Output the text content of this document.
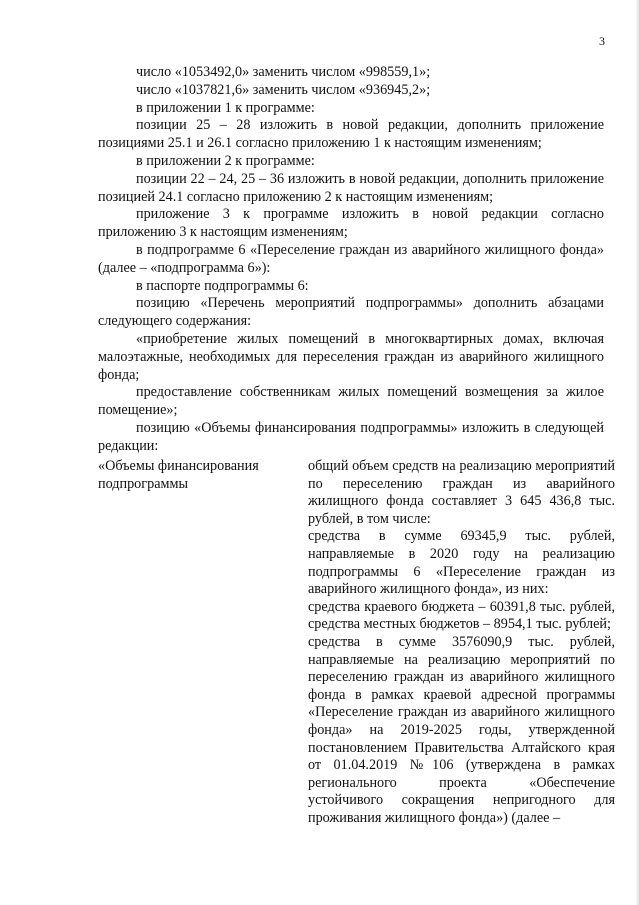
3

число «1053492,0» заменить числом «998559,1»;

число «1037821,6» заменить числом «936945,2»;

в приложении 1 к программе:

позиции 25 – 28 изложить в новой редакции, дополнить приложение позициями 25.1 и 26.1 согласно приложению 1 к настоящим изменениям;

в приложении 2 к программе:

позиции 22 – 24, 25 – 36 изложить в новой редакции, дополнить приложение позицией 24.1 согласно приложению 2 к настоящим изменениям;

приложение 3 к программе изложить в новой редакции согласно приложению 3 к настоящим изменениям;

в подпрограмме 6 «Переселение граждан из аварийного жилищного фонда» (далее – «подпрограмма 6»):

в паспорте подпрограммы 6:

позицию «Перечень мероприятий подпрограммы» дополнить абзацами следующего содержания:

«приобретение жилых помещений в многоквартирных домах, включая малоэтажные, необходимых для переселения граждан из аварийного жилищного фонда;

предоставление собственникам жилых помещений возмещения за жилое помещение»;

позицию «Объемы финансирования подпрограммы» изложить в следующей редакции:

«Объемы финансирования подпрограммы

общий объем средств на реализацию мероприятий по переселению граждан из аварийного жилищного фонда составляет 3 645 436,8 тыс. рублей, в том числе:

средства в сумме 69345,9 тыс. рублей, направляемые в 2020 году на реализацию подпрограммы 6 «Переселение граждан из аварийного жилищного фонда», из них:

средства краевого бюджета – 60391,8 тыс. рублей, средства местных бюджетов – 8954,1 тыс. рублей;

средства в сумме 3576090,9 тыс. рублей, направляемые на реализацию мероприятий по переселению граждан из аварийного жилищного фонда в рамках краевой адресной программы «Переселение граждан из аварийного жилищного фонда» на 2019-2025 годы, утвержденной постановлением Правительства Алтайского края от 01.04.2019 №106 (утверждена в рамках регионального проекта «Обеспечение устойчивого сокращения непригодного для проживания жилищного фонда») (далее –
